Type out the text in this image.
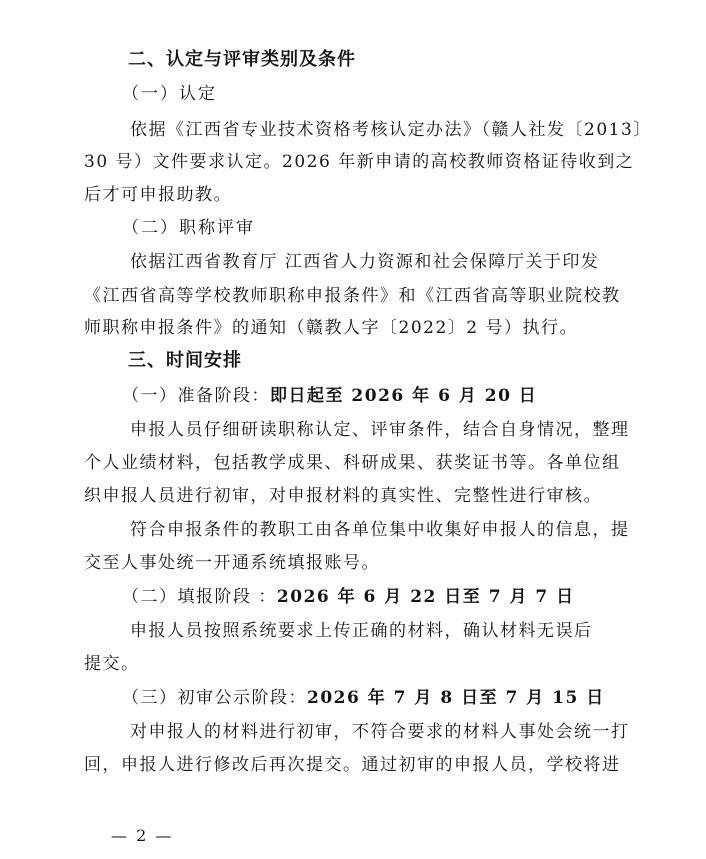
二、认定与评审类别及条件
（一）认定
依据《江西省专业技术资格考核认定办法》（赣人社发〔2013〕
30 号）文件要求认定。2026 年新申请的高校教师资格证待收到之
后才可申报助教。
（二）职称评审
依据江西省教育厅 江西省人力资源和社会保障厅关于印发
《江西省高等学校教师职称申报条件》和《江西省高等职业院校教
师职称申报条件》的通知（赣教人字〔2022〕2 号）执行。
三、时间安排
（一）准备阶段：即日起至 2026 年 6 月 20 日
申报人员仔细研读职称认定、评审条件，结合自身情况，整理
个人业绩材料，包括教学成果、科研成果、获奖证书等。各单位组
织申报人员进行初审，对申报材料的真实性、完整性进行审核。
符合申报条件的教职工由各单位集中收集好申报人的信息，提
交至人事处统一开通系统填报账号。
（二）填报阶段 ：2026 年 6 月 22 日至 7 月 7 日
申报人员按照系统要求上传正确的材料，确认材料无误后
提交。
（三）初审公示阶段：2026 年 7 月 8 日至 7 月 15 日
对申报人的材料进行初审，不符合要求的材料人事处会统一打
回，申报人进行修改后再次提交。通过初审的申报人员，学校将进
— 2 —
